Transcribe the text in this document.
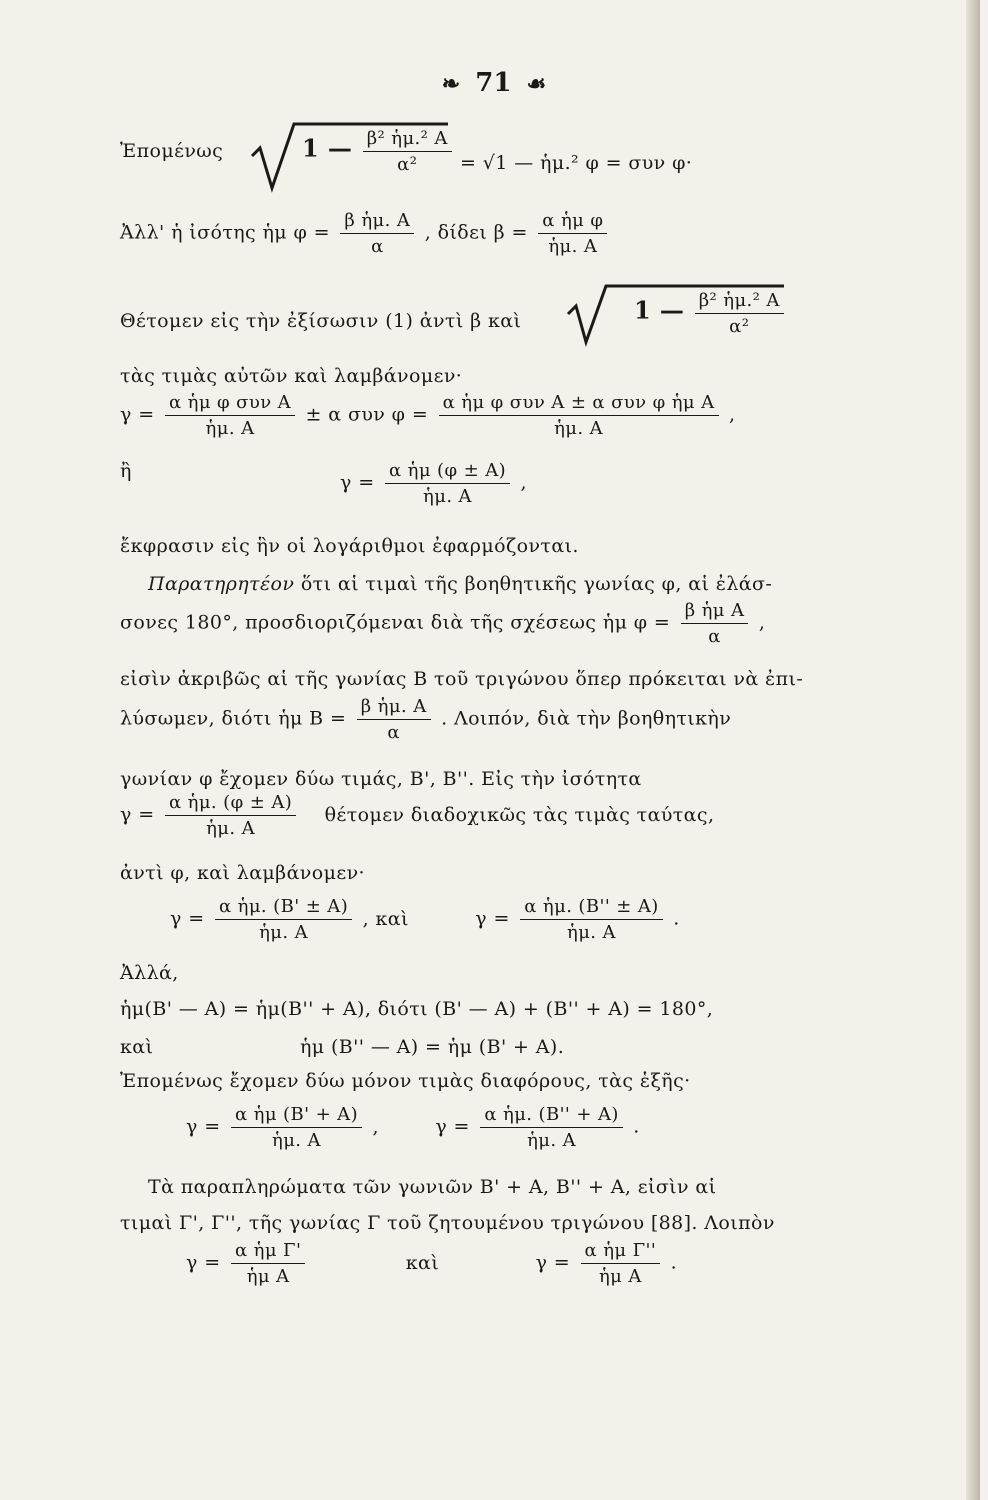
❧ 71 ☙
Ἐπομένως	1 — $\frac{\text{β² ἡμ.² Α}}{\text{α²}} = √1$ — ἡμ.² φ = συν φ·
Ἀλλ' ἡ ἰσότης ἡμ $\varphi = \frac{\text{β ἡμ. Α}}{\alpha}$ , δίδει $\beta = \frac{\text{α ἡμ φ}}{\text{ἡμ. Α}}$
Θέτομεν εἰς τὴν ἐξίσωσιν (1) ἀντὶ β καὶ	1 — $\frac{\text{β² ἡμ.² Α}}{\text{α²}}$
τὰς τιμὰς αὐτῶν καὶ λαμβάνομεν·
$\gamma = \frac{\text{α ἡμ φ συν Α}}{\text{ἡμ. Α}} \pm \alpha$ συν $\varphi = \frac{\text{α ἡμ φ συν Α ± α συν φ ἡμ Α}}{\text{ἡμ. Α}}$ ,
ἢ
$\gamma = \frac{\text{α ἡμ (φ ± Α)}}{\text{ἡμ. Α}}$ ,
ἔκφρασιν εἰς ἣν οἱ λογάριθμοι ἐφαρμόζονται.
Παρατηρητέον ὅτι αἱ τιμαὶ τῆς βοηθητικῆς γωνίας φ, αἱ ἐλάσ-
σονες 180°, προσδιοριζόμεναι διὰ τῆς σχέσεως ἡμ $\varphi = \frac{\text{β ἡμ Α}}{\alpha}$ ,
εἰσὶν ἀκριβῶς αἱ τῆς γωνίας Β τοῦ τριγώνου ὅπερ πρόκειται νὰ ἐπι-
λύσωμεν, διότι ἡμ $B = \frac{\text{β ἡμ. Α}}{\alpha}$ . Λοιπόν, διὰ τὴν βοηθητικὴν
γωνίαν φ ἔχομεν δύω τιμάς, Β', Β''. Εἰς τὴν ἰσότητα
$\gamma = \frac{\text{α ἡμ. (φ ± Α)}}{\text{ἡμ. Α}}$ θέτομεν διαδοχικῶς τὰς τιμὰς ταύτας,
ἀντὶ φ, καὶ λαμβάνομεν·
$\gamma = \frac{\text{α ἡμ. (Β' ± Α)}}{\text{ἡμ. Α}}$ , καὶ	$\gamma = \frac{\text{α ἡμ. (Β'' ± Α)}}{\text{ἡμ. Α}}$ .
Ἀλλά,
ἡμ(Β' — Α) = ἡμ(Β'' + Α), διότι (Β' — Α) + (Β'' + Α) = 180°,
καὶ	ἡμ (Β'' — Α) = ἡμ (Β' + Α).
Ἐπομένως ἔχομεν δύω μόνον τιμὰς διαφόρους, τὰς ἑξῆς·
$\gamma = \frac{\text{α ἡμ (Β' + Α)}}{\text{ἡμ. Α}}$ ,	$\gamma = \frac{\text{α ἡμ. (Β'' + Α)}}{\text{ἡμ. Α}}$ .
Τὰ παραπληρώματα τῶν γωνιῶν Β' + Α, Β'' + Α, εἰσὶν αἱ
τιμαὶ Γ', Γ'', τῆς γωνίας Γ τοῦ ζητουμένου τριγώνου [88]. Λοιπὸν
$\gamma = \frac{\text{α ἡμ Γ'}}{\text{ἡμ Α}}$	καὶ	$\gamma = \frac{\text{α ἡμ Γ''}}{\text{ἡμ Α}}$ .
